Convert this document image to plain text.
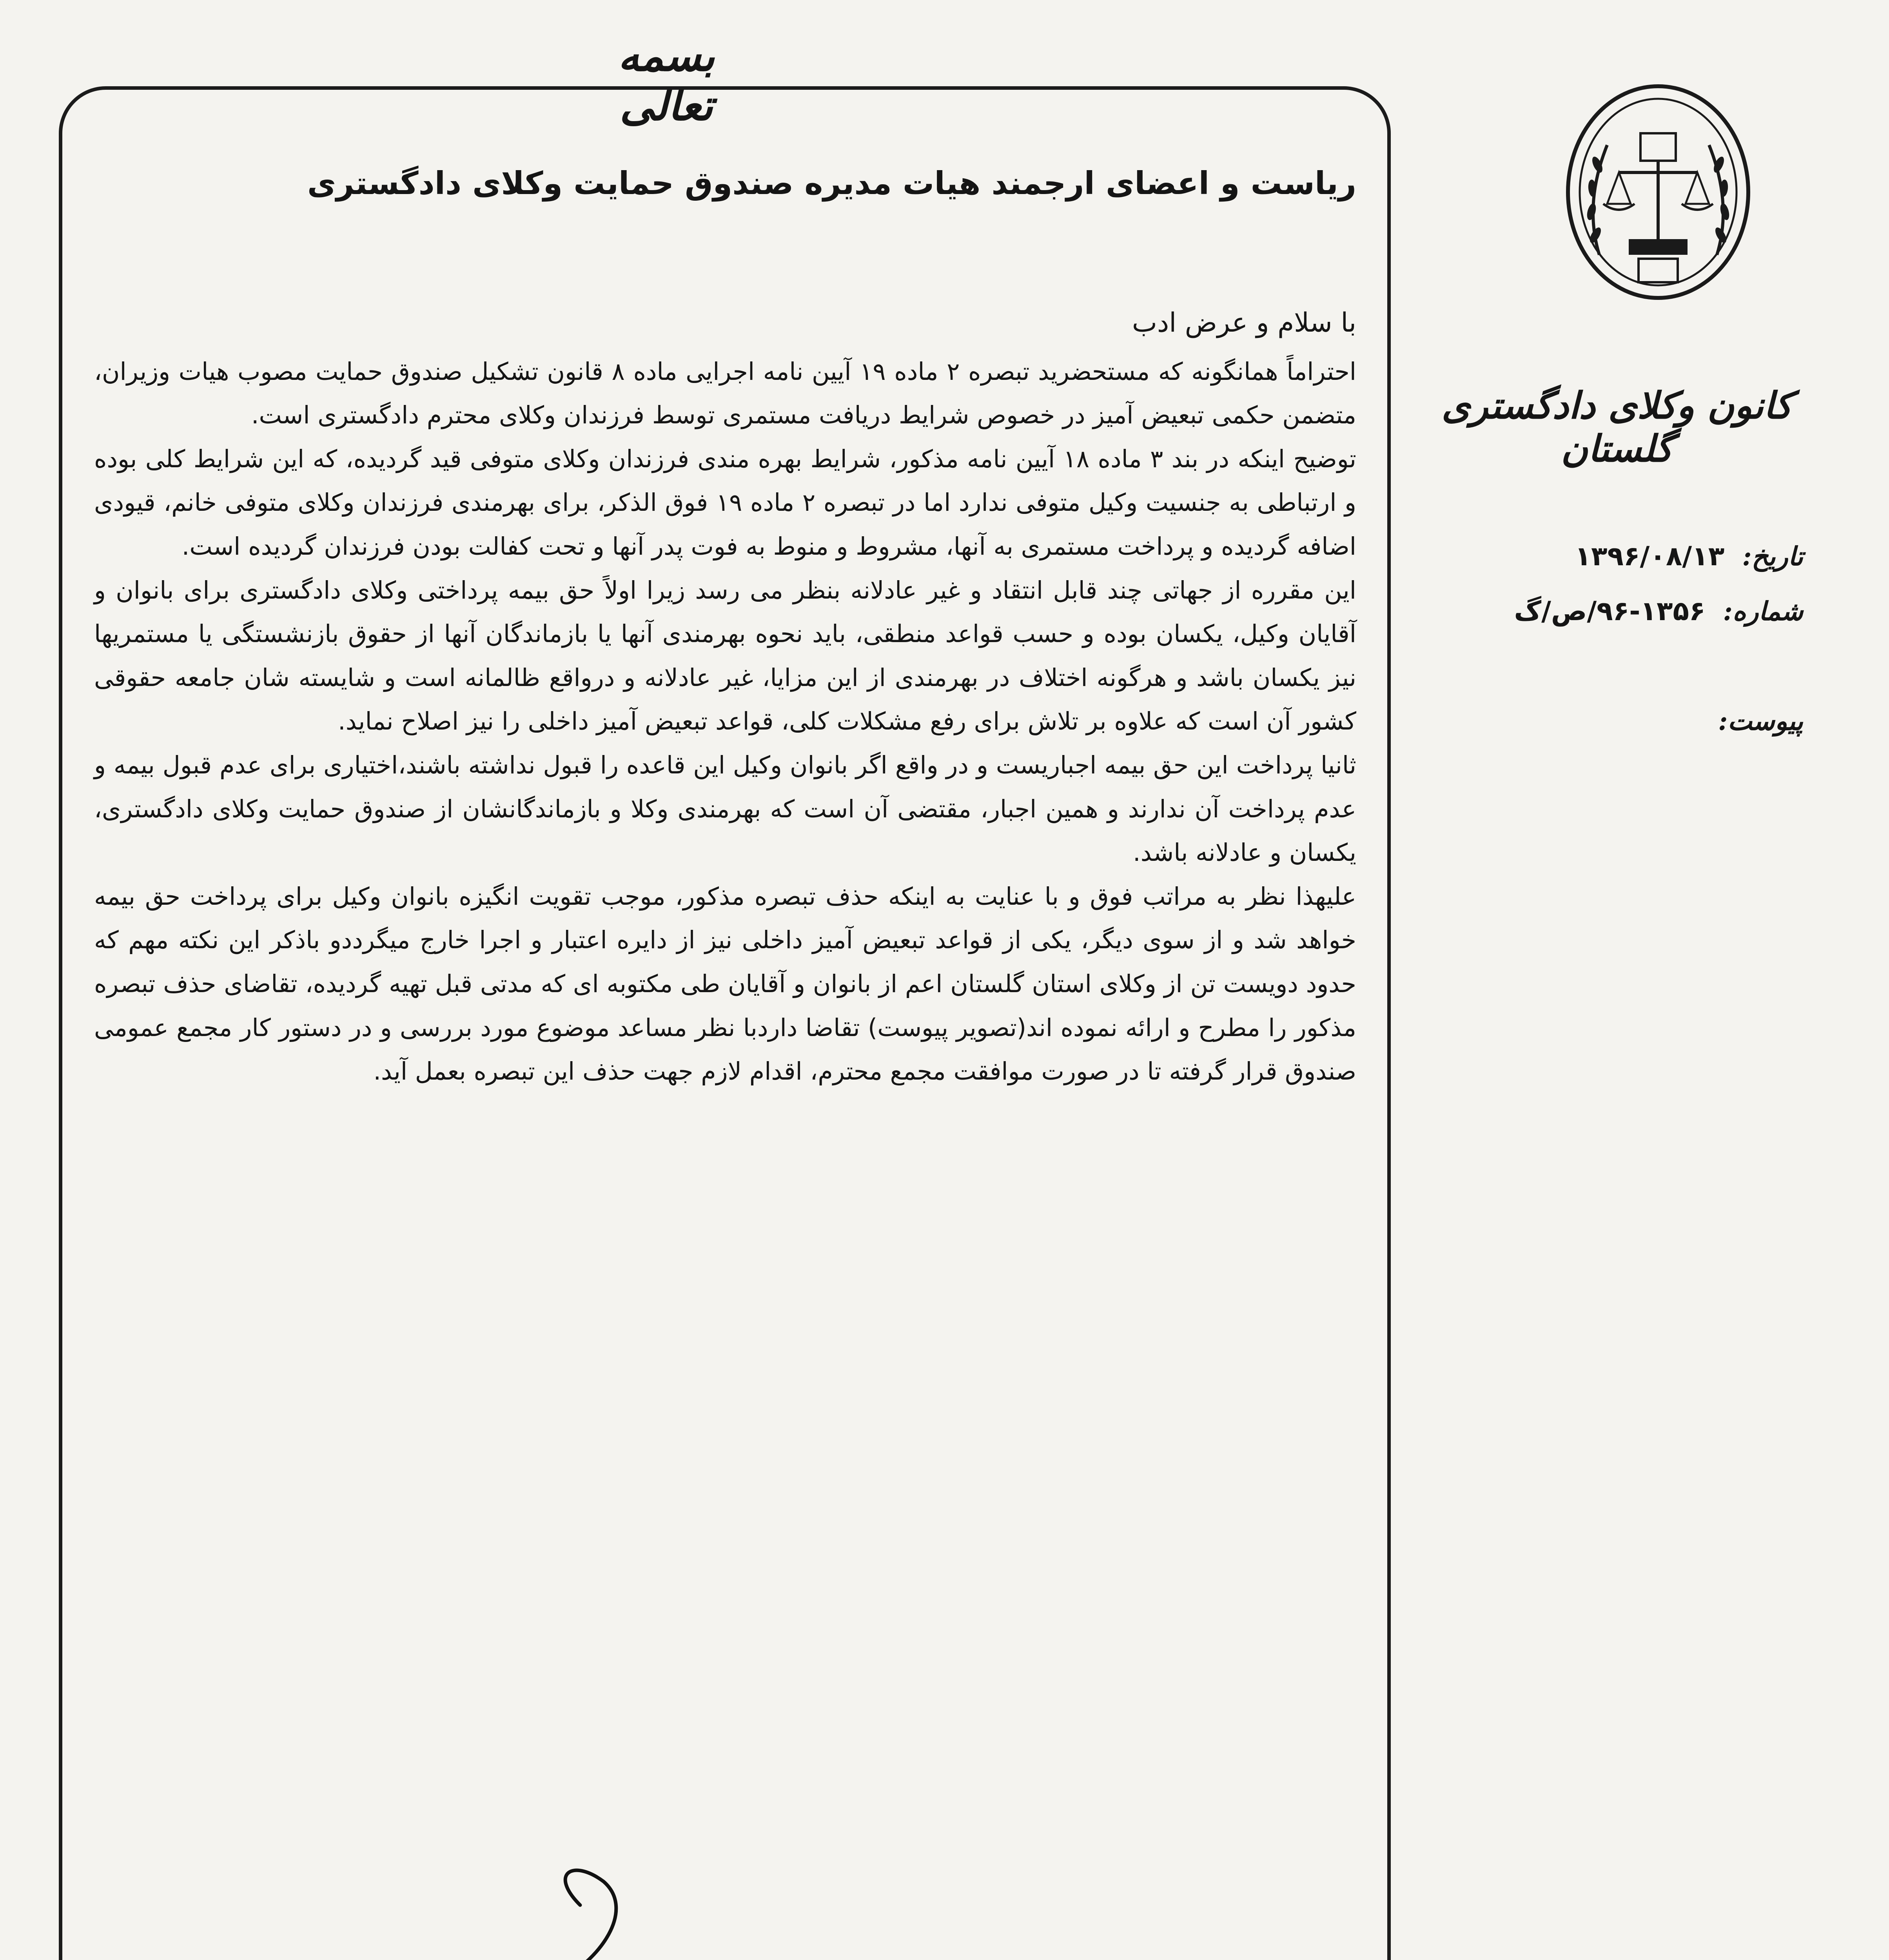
بسمه تعالی
کانون وکلای دادگستری گلستان
تاریخ: ۱۳۹۶/۰۸/۱۳
شماره: ۱۳۵۶-۹۶/ص/گ
پیوست:
ریاست و اعضای ارجمند هیات مدیره صندوق حمایت وکلای دادگستری
با سلام و عرض ادب

احتراماً همانگونه که مستحضرید تبصره ۲ ماده ۱۹ آیین نامه اجرایی ماده ۸ قانون تشکیل صندوق حمایت مصوب هیات وزیران، متضمن حکمی تبعیض آمیز در خصوص شرایط دریافت مستمری توسط فرزندان وکلای محترم دادگستری است.

توضیح اینکه در بند ۳ ماده ۱۸ آیین نامه مذکور، شرایط بهره مندی فرزندان وکلای متوفی قید گردیده، که این شرایط کلی بوده و ارتباطی به جنسیت وکیل متوفی ندارد اما در تبصره ۲ ماده ۱۹ فوق الذکر، برای بهرمندی فرزندان وکلای متوفی خانم، قیودی اضافه گردیده و پرداخت مستمری به آنها، مشروط و منوط به فوت پدر آنها و تحت کفالت بودن فرزندان گردیده است.

این مقرره از جهاتی چند قابل انتقاد و غیر عادلانه بنظر می رسد زیرا اولاً حق بیمه پرداختی وکلای دادگستری برای بانوان و آقایان وکیل، یکسان بوده و حسب قواعد منطقی، باید نحوه بهرمندی آنها یا بازماندگان آنها از حقوق بازنشستگی یا مستمریها نیز یکسان باشد و هرگونه اختلاف در بهرمندی از این مزایا، غیر عادلانه و درواقع ظالمانه است و شایسته شان جامعه حقوقی کشور آن است که علاوه بر تلاش برای رفع مشکلات کلی، قواعد تبعیض آمیز داخلی را نیز اصلاح نماید.

ثانیا پرداخت این حق بیمه اجباریست و در واقع اگر بانوان وکیل این قاعده را قبول نداشته باشند،اختیاری برای عدم قبول بیمه و عدم پرداخت آن ندارند و همین اجبار، مقتضی آن است که بهرمندی وکلا و بازماندگانشان از صندوق حمایت وکلای دادگستری، یکسان و عادلانه باشد.

علیهذا نظر به مراتب فوق و با عنایت به اینکه حذف تبصره مذکور، موجب تقویت انگیزه بانوان وکیل برای پرداخت حق بیمه خواهد شد و از سوی دیگر، یکی از قواعد تبعیض آمیز داخلی نیز از دایره اعتبار و اجرا خارج میگرددو باذکر این نکته مهم که حدود دویست تن از وکلای استان گلستان اعم از بانوان و آقایان طی مکتوبه ای که مدتی قبل تهیه گردیده، تقاضای حذف تبصره مذکور را مطرح و ارائه نموده اند(تصویر پیوست) تقاضا داردبا نظر مساعد موضوع مورد بررسی و در دستور کار مجمع عمومی صندوق قرار گرفته تا در صورت موافقت مجمع محترم، اقدام لازم جهت حذف این تبصره بعمل آید.
